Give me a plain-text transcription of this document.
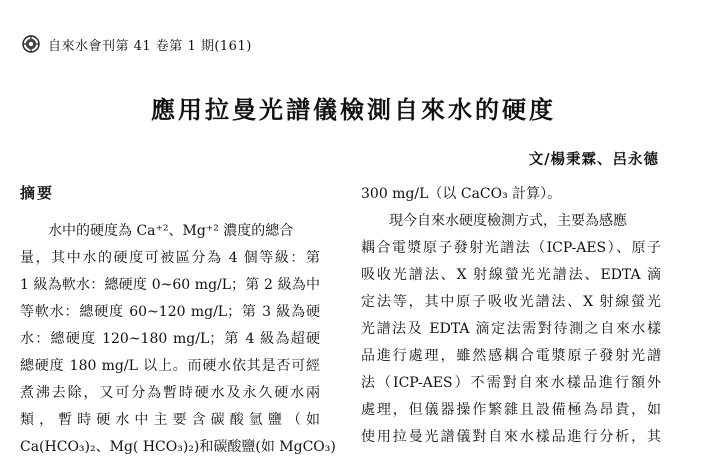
自來水會刊第 41 卷第 1 期(161)
應用拉曼光譜儀檢測自來水的硬度
文/楊秉霖、呂永德
摘要
　　水中的硬度為 Ca⁺²、Mg⁺² 濃度的總合
量，其中水的硬度可被區分為 4 個等級：第
1 級為軟水：總硬度 0~60 mg/L；第 2 級為中
等軟水：總硬度 60~120 mg/L；第 3 級為硬
水：總硬度 120~180 mg/L；第 4 級為超硬
總硬度 180 mg/L 以上。而硬水依其是否可經
煮沸去除，又可分為暫時硬水及永久硬水兩
類，暫時硬水中主要含碳酸氫鹽（如
Ca(HCO₃)₂、Mg( HCO₃)₂)和碳酸鹽(如 MgCO₃)
300 mg/L（以 CaCO₃ 計算）。
　　現今自來水硬度檢測方式，主要為感應
耦合電漿原子發射光譜法（ICP-AES）、原子
吸收光譜法、X 射線螢光光譜法、EDTA 滴
定法等，其中原子吸收光譜法、X 射線螢光
光譜法及 EDTA 滴定法需對待測之自來水樣
品進行處理，雖然感耦合電漿原子發射光譜
法（ICP-AES）不需對自來水樣品進行額外
處理，但儀器操作繁雜且設備極為昂貴，如
使用拉曼光譜儀對自來水樣品進行分析，其
